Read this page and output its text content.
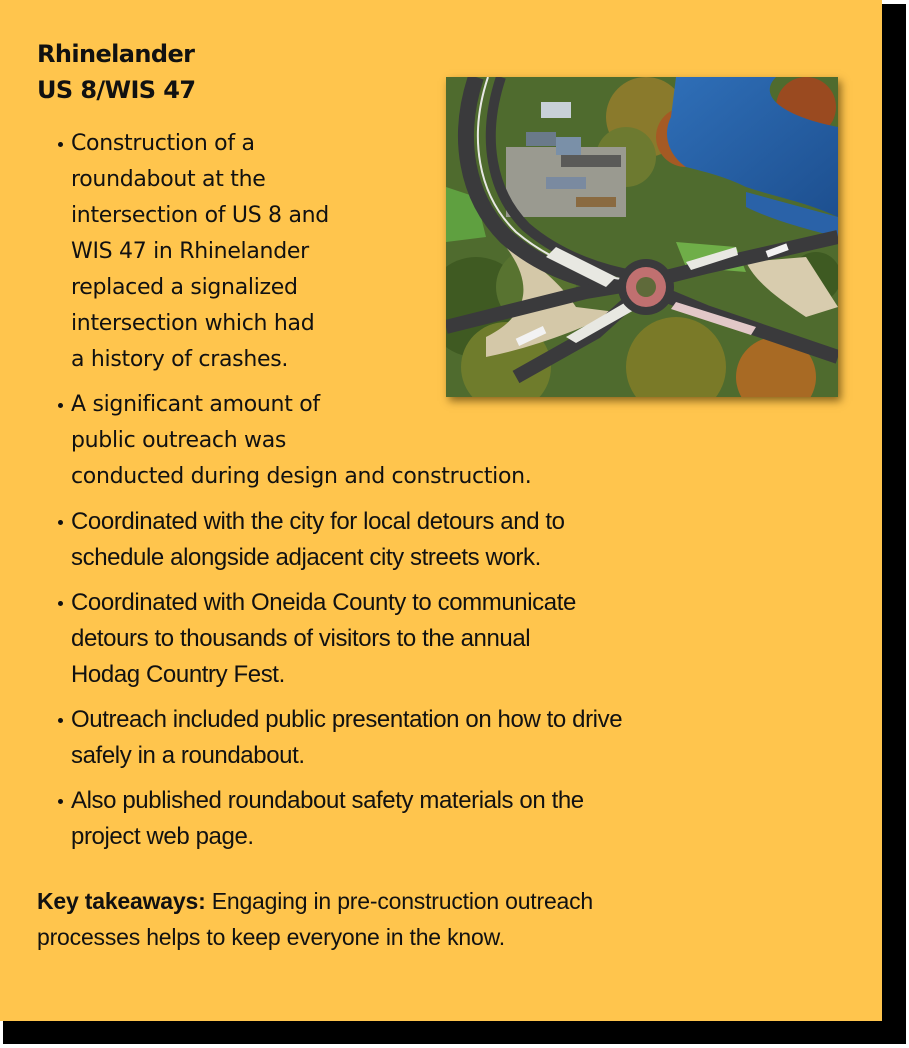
Rhinelander
US 8/WIS 47
Construction of a
roundabout at the
intersection of US 8 and
WIS 47 in Rhinelander
replaced a signalized
intersection which had
a history of crashes.
A significant amount of
public outreach was
conducted during design and construction.
Coordinated with the city for local detours and to
schedule alongside adjacent city streets work.
Coordinated with Oneida County to communicate
detours to thousands of visitors to the annual
Hodag Country Fest.
Outreach included public presentation on how to drive
safely in a roundabout.
Also published roundabout safety materials on the
project web page.

Key takeaways: Engaging in pre-construction outreach
processes helps to keep everyone in the know.
